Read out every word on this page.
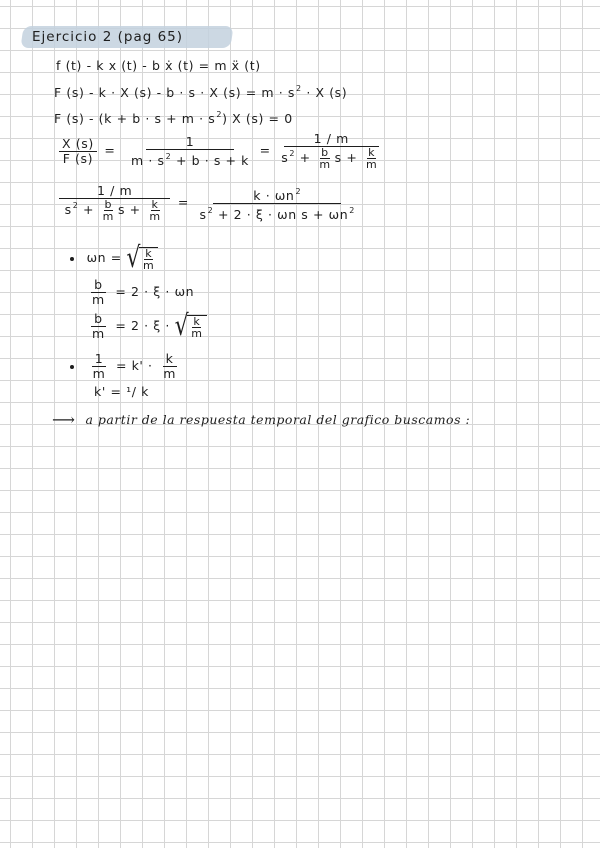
Ejercicio 2 (pag 65)
f (t) - k x (t) - b ẋ (t) = m ẍ (t)
F (s) - k · X (s) - b · s · X $(s) = m \cdot s^2 \cdot X$ (s)
F $(s) - (k + b \cdot s + m \cdot s^2)$ X (s) = 0
$\frac{X (s)}{F (s)} = \frac{1}{m \cdot s^2 + b \cdot s + k} = \frac{1 / m}{s^2 + \frac{b}{m} s + \frac{k}{m}}$
$\frac{1 / m}{s^2 + \frac{b}{m} s + \frac{k}{m}} = \frac{k \cdot \omega n^2}{s^2 + 2 \cdot \xi \cdot \omega n s + \omega n^2}$
ωn = √ $\frac{k}{m}$
$\frac{b}{m} = 2 \cdot \xi \cdot \omega n$
$\frac{b}{m} = 2 \cdot \xi$ · √ $\frac{k}{m}$

$\frac{1}{m} = k' \cdot \frac{k}{m}$
k' = ¹/ k
⟶ a partir de la respuesta temporal del grafico buscamos :
